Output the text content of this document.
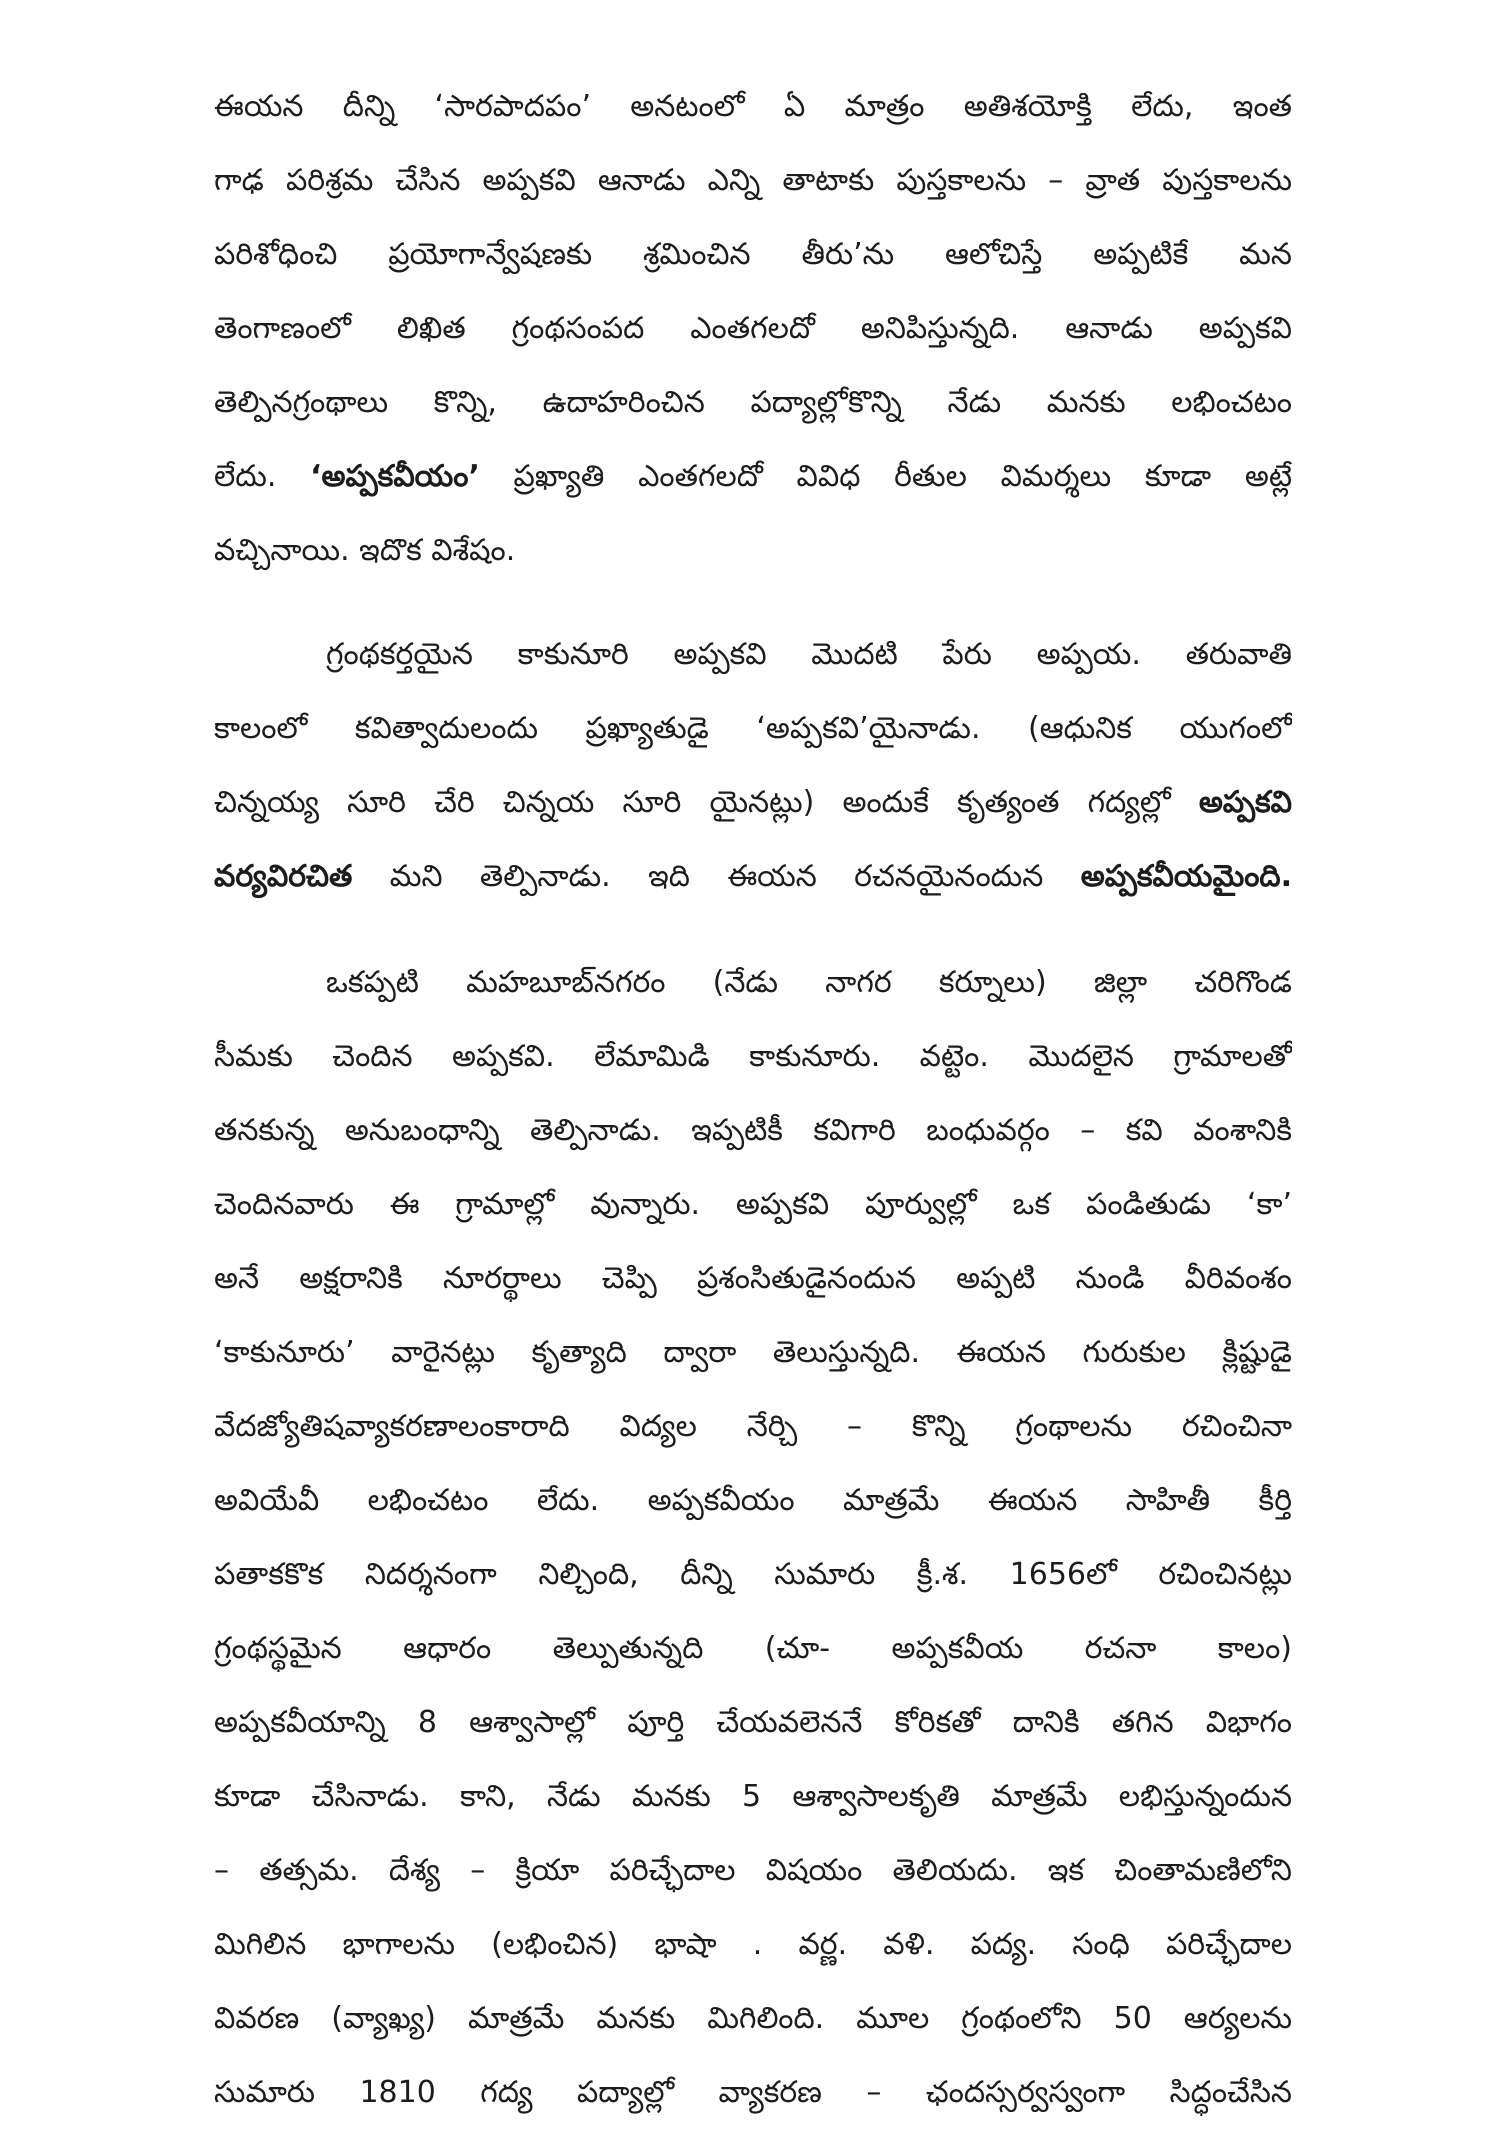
ఈయన దీన్ని ‘సారపాదపం’ అనటంలో ఏ మాత్రం అతిశయోక్తి లేదు, ఇంత
గాఢ పరిశ్రమ చేసిన అప్పకవి ఆనాడు ఎన్ని తాటాకు పుస్తకాలను – వ్రాత పుస్తకాలను
పరిశోధించి ప్రయోగాన్వేషణకు శ్రమించిన తీరు’ను ఆలోచిస్తే అప్పటికే మన
తెంగాణంలో లిఖిత గ్రంథసంపద ఎంతగలదో అనిపిస్తున్నది. ఆనాడు అప్పకవి
తెల్పినగ్రంథాలు కొన్ని, ఉదాహరించిన పద్యాల్లోకొన్ని నేడు మనకు లభించటం
లేదు. ‘అప్పకవీయం’ ప్రఖ్యాతి ఎంతగలదో వివిధ రీతుల విమర్శలు కూడా అట్లే
వచ్చినాయి. ఇదొక విశేషం.
గ్రంథకర్తయైన కాకునూరి అప్పకవి మొదటి పేరు అప్పయ. తరువాతి
కాలంలో కవిత్వాదులందు ప్రఖ్యాతుడై ‘అప్పకవి’యైనాడు. (ఆధునిక యుగంలో
చిన్నయ్య సూరి చేరి చిన్నయ సూరి యైనట్లు) అందుకే కృత్యంత గద్యల్లో అప్పకవి
వర్యవిరచిత మని తెల్పినాడు. ఇది ఈయన రచనయైనందున అప్పకవీయమైంది.
ఒకప్పటి మహబూబ్‌నగరం (నేడు నాగర కర్నూలు) జిల్లా చరిగొండ
సీమకు చెందిన అప్పకవి. లేమామిడి కాకునూరు. వట్టెం. మొదలైన గ్రామాలతో
తనకున్న అనుబంధాన్ని తెల్పినాడు. ఇప్పటికీ కవిగారి బంధువర్గం – కవి వంశానికి
చెందినవారు ఈ గ్రామాల్లో వున్నారు. అప్పకవి పూర్వుల్లో ఒక పండితుడు ‘కా’
అనే అక్షరానికి నూరర్థాలు చెప్పి ప్రశంసితుడైనందున అప్పటి నుండి వీరివంశం
‘కాకునూరు’ వారైనట్లు కృత్యాది ద్వారా తెలుస్తున్నది. ఈయన గురుకుల క్లిష్టుడై
వేదజ్యోతిషవ్యాకరణాలంకారాది విద్యల నేర్చి – కొన్ని గ్రంథాలను రచించినా
అవియేవీ లభించటం లేదు. అప్పకవీయం మాత్రమే ఈయన సాహితీ కీర్తి
పతాకకొక నిదర్శనంగా నిల్చింది, దీన్ని సుమారు క్రీ.శ. 1656లో రచించినట్లు
గ్రంథస్థమైన ఆధారం తెల్పుతున్నది (చూ- అప్పకవీయ రచనా కాలం)
అప్పకవీయాన్ని 8 ఆశ్వాసాల్లో పూర్తి చేయవలెననే కోరికతో దానికి తగిన విభాగం
కూడా చేసినాడు. కాని, నేడు మనకు 5 ఆశ్వాసాలకృతి మాత్రమే లభిస్తున్నందున
– తత్సమ. దేశ్య – క్రియా పరిచ్ఛేదాల విషయం తెలియదు. ఇక చింతామణిలోని
మిగిలిన భాగాలను (లభించిన) భాషా . వర్ణ. వళి. పద్య. సంధి పరిచ్ఛేదాల
వివరణ (వ్యాఖ్య) మాత్రమే మనకు మిగిలింది. మూల గ్రంథంలోని 50 ఆర్యలను
సుమారు 1810 గద్య పద్యాల్లో వ్యాకరణ – ఛందస్సర్వస్వంగా సిద్ధంచేసిన
